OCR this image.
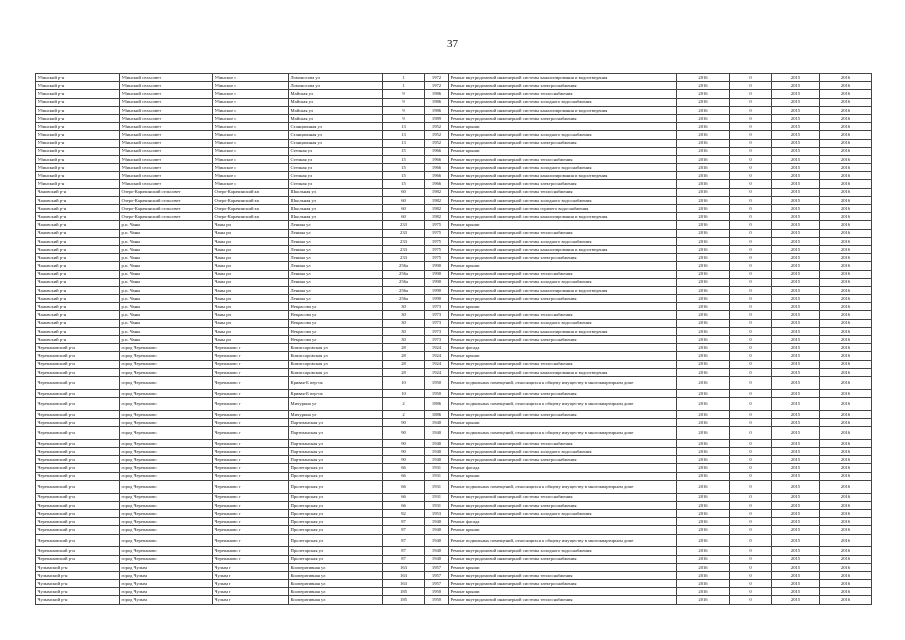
37
Убинский р-н	Убинский сельсовет	Убинское с	Ломоносова ул	1	1972	Ремонт внутридомовой инженерной системы канализирования и водоотведения	2016	0	2015	2016
Убинский р-н	Убинский сельсовет	Убинское с	Ломоносова ул	1	1972	Ремонт внутридомовой инженерной системы электроснабжения	2016	0	2015	2016
Убинский р-н	Убинский сельсовет	Убинское с	Майская ул	9	1986	Ремонт внутридомовой инженерной системы теплоснабжения	2016	0	2015	2016
Убинский р-н	Убинский сельсовет	Убинское с	Майская ул	9	1986	Ремонт внутридомовой инженерной системы холодного водоснабжения	2016	0	2015	2016
Убинский р-н	Убинский сельсовет	Убинское с	Майская ул	9	1986	Ремонт внутридомовой инженерной системы канализирования и водоотведения	2016	0	2015	2016
Убинский р-н	Убинский сельсовет	Убинское с	Майская ул	9	1989	Ремонт внутридомовой инженерной системы электроснабжения	2016	0	2015	2016
Убинский р-н	Убинский сельсовет	Убинское с	Станционная ул	13	1952	Ремонт крыши	2016	0	2015	2016
Убинский р-н	Убинский сельсовет	Убинское с	Станционная ул	13	1952	Ремонт внутридомовой инженерной системы холодного водоснабжения	2016	0	2015	2016
Убинский р-н	Убинский сельсовет	Убинское с	Станционная ул	13	1952	Ремонт внутридомовой инженерной системы электроснабжения	2016	0	2015	2016
Убинский р-н	Убинский сельсовет	Убинское с	Степная ул	15	1966	Ремонт крыши	2016	0	2015	2016
Убинский р-н	Убинский сельсовет	Убинское с	Степная ул	15	1966	Ремонт внутридомовой инженерной системы теплоснабжения	2016	0	2015	2016
Убинский р-н	Убинский сельсовет	Убинское с	Степная ул	15	1966	Ремонт внутридомовой инженерной системы холодного водоснабжения	2016	0	2015	2016
Убинский р-н	Убинский сельсовет	Убинское с	Степная ул	15	1966	Ремонт внутридомовой инженерной системы канализирования и водоотведения	2016	0	2015	2016
Убинский р-н	Убинский сельсовет	Убинское с	Степная ул	15	1966	Ремонт внутридомовой инженерной системы электроснабжения	2016	0	2015	2016
Чановский р-н	Озеро-Карачинский сельсовет	Озеро-Карачинский кп	Школьная ул	60	1982	Ремонт внутридомовой инженерной системы теплоснабжения	2016	0	2015	2016
Чановский р-н	Озеро-Карачинский сельсовет	Озеро-Карачинский кп	Школьная ул	60	1982	Ремонт внутридомовой инженерной системы холодного водоснабжения	2016	0	2015	2016
Чановский р-н	Озеро-Карачинский сельсовет	Озеро-Карачинский кп	Школьная ул	60	1982	Ремонт внутридомовой инженерной системы горячего водоснабжения	2016	0	2015	2016
Чановский р-н	Озеро-Карачинский сельсовет	Озеро-Карачинский кп	Школьная ул	60	1982	Ремонт внутридомовой инженерной системы канализирования и водоотведения	2016	0	2015	2016
Чановский р-н	р.п. Чаны	Чаны рп	Ленина ул	233	1975	Ремонт крыши	2016	0	2015	2016
Чановский р-н	р.п. Чаны	Чаны рп	Ленина ул	233	1975	Ремонт внутридомовой инженерной системы теплоснабжения	2016	0	2015	2016
Чановский р-н	р.п. Чаны	Чаны рп	Ленина ул	233	1975	Ремонт внутридомовой инженерной системы холодного водоснабжения	2016	0	2015	2016
Чановский р-н	р.п. Чаны	Чаны рп	Ленина ул	233	1975	Ремонт внутридомовой инженерной системы канализирования и водоотведения	2016	0	2015	2016
Чановский р-н	р.п. Чаны	Чаны рп	Ленина ул	233	1975	Ремонт внутридомовой инженерной системы электроснабжения	2016	0	2015	2016
Чановский р-н	р.п. Чаны	Чаны рп	Ленина ул	256а	1990	Ремонт крыши	2016	0	2015	2016
Чановский р-н	р.п. Чаны	Чаны рп	Ленина ул	256а	1990	Ремонт внутридомовой инженерной системы теплоснабжения	2016	0	2015	2016
Чановский р-н	р.п. Чаны	Чаны рп	Ленина ул	256а	1990	Ремонт внутридомовой инженерной системы холодного водоснабжения	2016	0	2015	2016
Чановский р-н	р.п. Чаны	Чаны рп	Ленина ул	256а	1990	Ремонт внутридомовой инженерной системы канализирования и водоотведения	2016	0	2015	2016
Чановский р-н	р.п. Чаны	Чаны рп	Ленина ул	256а	1990	Ремонт внутридомовой инженерной системы электроснабжения	2016	0	2015	2016
Чановский р-н	р.п. Чаны	Чаны рп	Некрасова ул	30	1973	Ремонт крыши	2016	0	2015	2016
Чановский р-н	р.п. Чаны	Чаны рп	Некрасова ул	30	1973	Ремонт внутридомовой инженерной системы теплоснабжения	2016	0	2015	2016
Чановский р-н	р.п. Чаны	Чаны рп	Некрасова ул	30	1973	Ремонт внутридомовой инженерной системы холодного водоснабжения	2016	0	2015	2016
Чановский р-н	р.п. Чаны	Чаны рп	Некрасова ул	30	1973	Ремонт внутридомовой инженерной системы канализирования и водоотведения	2016	0	2015	2016
Чановский р-н	р.п. Чаны	Чаны рп	Некрасова ул	30	1973	Ремонт внутридомовой инженерной системы электроснабжения	2016	0	2015	2016
Черепановский р-н	город Черепаново	Черепаново г	Комиссаровская ул	28	1924	Ремонт фасада	2016	0	2015	2016
Черепановский р-н	город Черепаново	Черепаново г	Комиссаровская ул	28	1924	Ремонт крыши	2016	0	2015	2016
Черепановский р-н	город Черепаново	Черепаново г	Комиссаровская ул	28	1924	Ремонт внутридомовой инженерной системы теплоснабжения	2016	0	2015	2016
Черепановский р-н	город Черепаново	Черепаново г	Комиссаровская ул	28	1924	Ремонт внутридомовой инженерной системы канализирования и водоотведения	2016	0	2015	2016
Черепановский р-н	город Черепаново	Черепаново г	Кривая-Б пер-ок	10	1950	Ремонт подвальных помещений, относящихся к общему имуществу в многоквартирном доме	2016	0	2015	2016
Черепановский р-н	город Черепаново	Черепаново г	Кривая-Б пер-ок	10	1950	Ремонт внутридомовой инженерной системы электроснабжения	2016	0	2015	2016
Черепановский р-н	город Черепаново	Черепаново г	Мичурина ул	2	1886	Ремонт подвальных помещений, относящихся к общему имуществу в многоквартирном доме	2016	0	2015	2016
Черепановский р-н	город Черепаново	Черепаново г	Мичурина ул	2	1886	Ремонт внутридомовой инженерной системы электроснабжения	2016	0	2015	2016
Черепановский р-н	город Черепаново	Черепаново г	Партизанская ул	90	1940	Ремонт крыши	2016	0	2015	2016
Черепановский р-н	город Черепаново	Черепаново г	Партизанская ул	90	1940	Ремонт подвальных помещений, относящихся к общему имуществу в многоквартирном доме	2016	0	2015	2016
Черепановский р-н	город Черепаново	Черепаново г	Партизанская ул	90	1940	Ремонт внутридомовой инженерной системы теплоснабжения	2016	0	2015	2016
Черепановский р-н	город Черепаново	Черепаново г	Партизанская ул	90	1940	Ремонт внутридомовой инженерной системы холодного водоснабжения	2016	0	2015	2016
Черепановский р-н	город Черепаново	Черепаново г	Партизанская ул	90	1940	Ремонт внутридомовой инженерной системы электроснабжения	2016	0	2015	2016
Черепановский р-н	город Черепаново	Черепаново г	Пролетарская ул	66	1931	Ремонт фасада	2016	0	2015	2016
Черепановский р-н	город Черепаново	Черепаново г	Пролетарская ул	66	1931	Ремонт крыши	2016	0	2015	2016
Черепановский р-н	город Черепаново	Черепаново г	Пролетарская ул	66	1931	Ремонт подвальных помещений, относящихся к общему имуществу в многоквартирном доме	2016	0	2015	2016
Черепановский р-н	город Черепаново	Черепаново г	Пролетарская ул	66	1931	Ремонт внутридомовой инженерной системы теплоснабжения	2016	0	2015	2016
Черепановский р-н	город Черепаново	Черепаново г	Пролетарская ул	66	1931	Ремонт внутридомовой инженерной системы электроснабжения	2016	0	2015	2016
Черепановский р-н	город Черепаново	Черепаново г	Пролетарская ул	82	1953	Ремонт внутридомовой инженерной системы холодного водоснабжения	2016	0	2015	2016
Черепановский р-н	город Черепаново	Черепаново г	Пролетарская ул	87	1940	Ремонт фасада	2016	0	2015	2016
Черепановский р-н	город Черепаново	Черепаново г	Пролетарская ул	87	1940	Ремонт крыши	2016	0	2015	2016
Черепановский р-н	город Черепаново	Черепаново г	Пролетарская ул	87	1940	Ремонт подвальных помещений, относящихся к общему имуществу в многоквартирном доме	2016	0	2015	2016
Черепановский р-н	город Черепаново	Черепаново г	Пролетарская ул	87	1940	Ремонт внутридомовой инженерной системы холодного водоснабжения	2016	0	2015	2016
Черепановский р-н	город Черепаново	Черепаново г	Пролетарская ул	87	1940	Ремонт внутридомовой инженерной системы электроснабжения	2016	0	2015	2016
Чулымский р-н	город Чулым	Чулым г	Кооперативная ул	163	1957	Ремонт крыши	2016	0	2015	2016
Чулымский р-н	город Чулым	Чулым г	Кооперативная ул	163	1957	Ремонт внутридомовой инженерной системы теплоснабжения	2016	0	2015	2016
Чулымский р-н	город Чулым	Чулым г	Кооперативная ул	163	1957	Ремонт внутридомовой инженерной системы электроснабжения	2016	0	2015	2016
Чулымский р-н	город Чулым	Чулым г	Кооперативная ул	185	1950	Ремонт крыши	2016	0	2015	2016
Чулымский р-н	город Чулым	Чулым г	Кооперативная ул	185	1950	Ремонт внутридомовой инженерной системы теплоснабжения	2016	0	2015	2016
